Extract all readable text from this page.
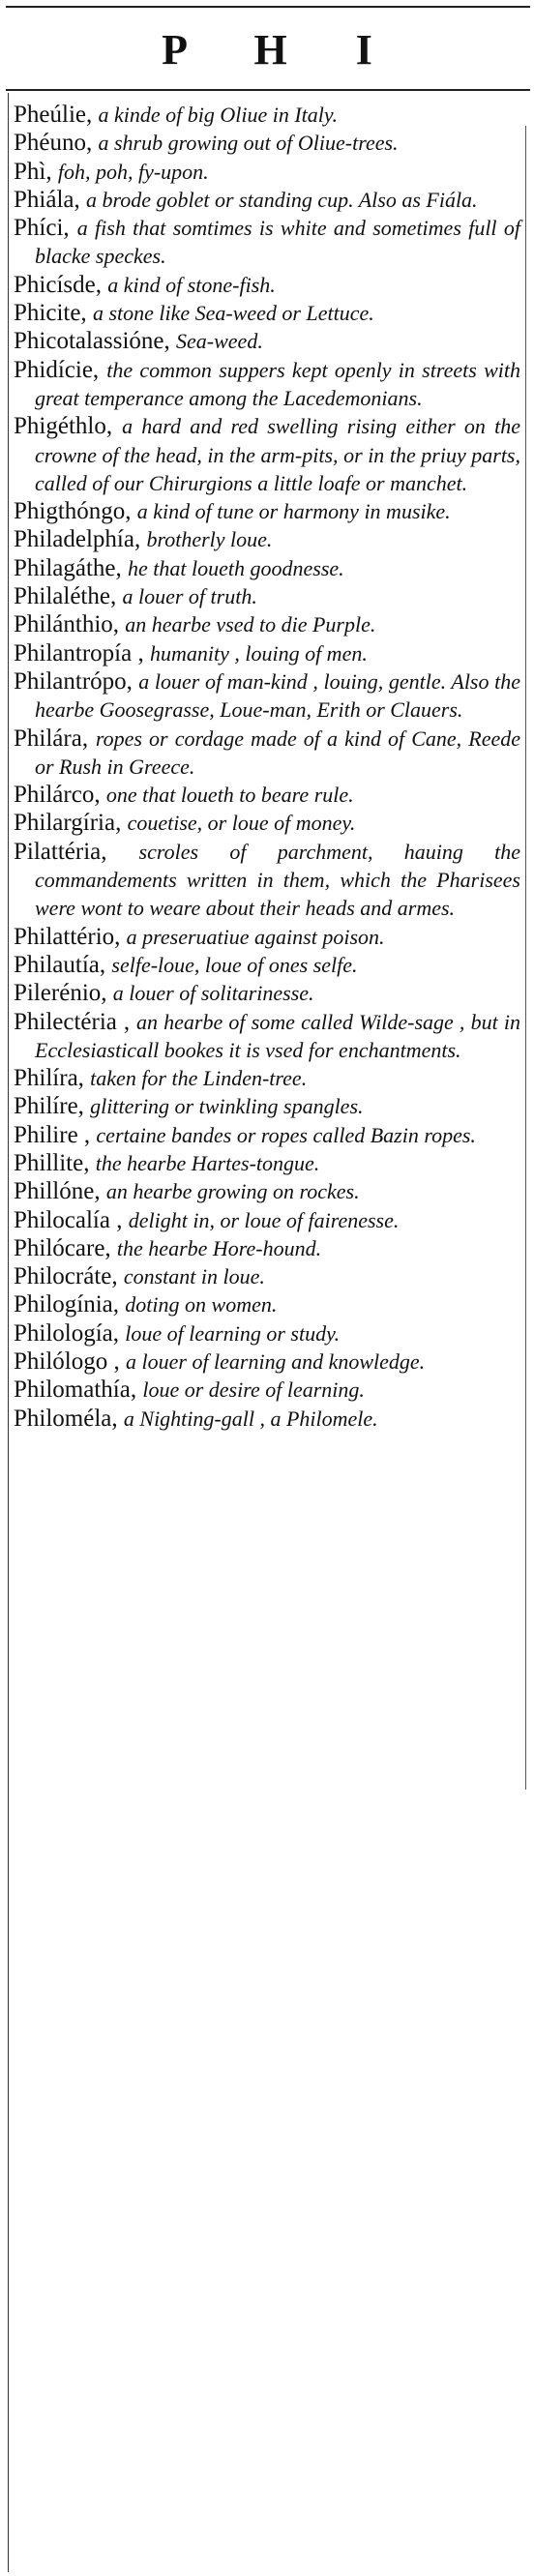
P H I

Pheúlie, a kinde of big Oliue in Italy.

Phéuno, a shrub growing out of Oliue-trees.

Phì, foh, poh, fy-upon.

Phiála, a brode goblet or standing cup. Also as Fiála.

Phíci, a fish that somtimes is white and sometimes full of blacke speckes.

Phicísde, a kind of stone-fish.

Phicite, a stone like Sea-weed or Lettuce.

Phicotalassióne, Sea-weed.

Phidície, the common suppers kept openly in streets with great temperance among the Lacedemonians.

Phigéthlo, a hard and red swelling rising either on the crowne of the head, in the arm-pits, or in the priuy parts, called of our Chirurgions a little loafe or manchet.

Phigthóngo, a kind of tune or harmony in musike.

Philadelphía, brotherly loue.

Philagáthe, he that loueth goodnesse.

Philaléthe, a louer of truth.

Philánthio, an hearbe vsed to die Purple.

Philantropía , humanity , louing of men.

Philantrópo, a louer of man-kind , louing, gentle. Also the hearbe Goosegrasse, Loue-man, Erith or Clauers.

Philára, ropes or cordage made of a kind of Cane, Reede or Rush in Greece.

Philárco, one that loueth to beare rule.

Philargíria, couetise, or loue of money.

Pilattéria, scroles of parchment, hauing the commandements written in them, which the Pharisees were wont to weare about their heads and armes.

Philattério, a preseruatiue against poison.

Philautía, selfe-loue, loue of ones selfe.

Pilerénio, a louer of solitarinesse.

Philectéria , an hearbe of some called Wilde-sage , but in Ecclesiasticall bookes it is vsed for enchantments.

Philíra, taken for the Linden-tree.

Philíre, glittering or twinkling spangles.

Philire , certaine bandes or ropes called Bazin ropes.

Phillite, the hearbe Hartes-tongue.

Phillóne, an hearbe growing on rockes.

Philocalía , delight in, or loue of fairenesse.

Philócare, the hearbe Hore-hound.

Philocráte, constant in loue.

Philogínia, doting on women.

Philología, loue of learning or study.

Philólogo , a louer of learning and knowledge.

Philomathía, loue or desire of learning.

Philoméla, a Nighting-gall , a Philomele.
